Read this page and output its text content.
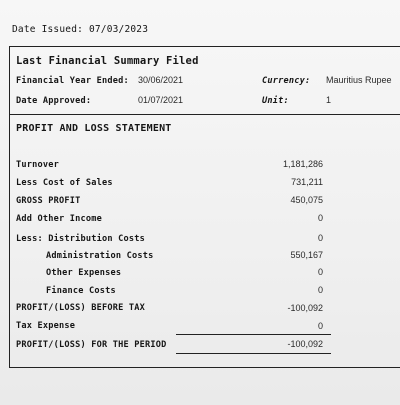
Date Issued: 07/03/2023
Last Financial Summary Filed
Financial Year Ended: 30/06/2021	Currency: Mauritius Rupee
Date Approved:	01/07/2021	Unit:	1
PROFIT AND LOSS STATEMENT
Turnover	1,181,286
Less Cost of Sales	731,211
GROSS PROFIT	450,075
Add Other Income	0
Less: Distribution Costs	0
Administration Costs	550,167
Other Expenses	0
Finance Costs	0
PROFIT/(LOSS) BEFORE TAX	-100,092
Tax Expense	0
PROFIT/(LOSS) FOR THE PERIOD	-100,092
